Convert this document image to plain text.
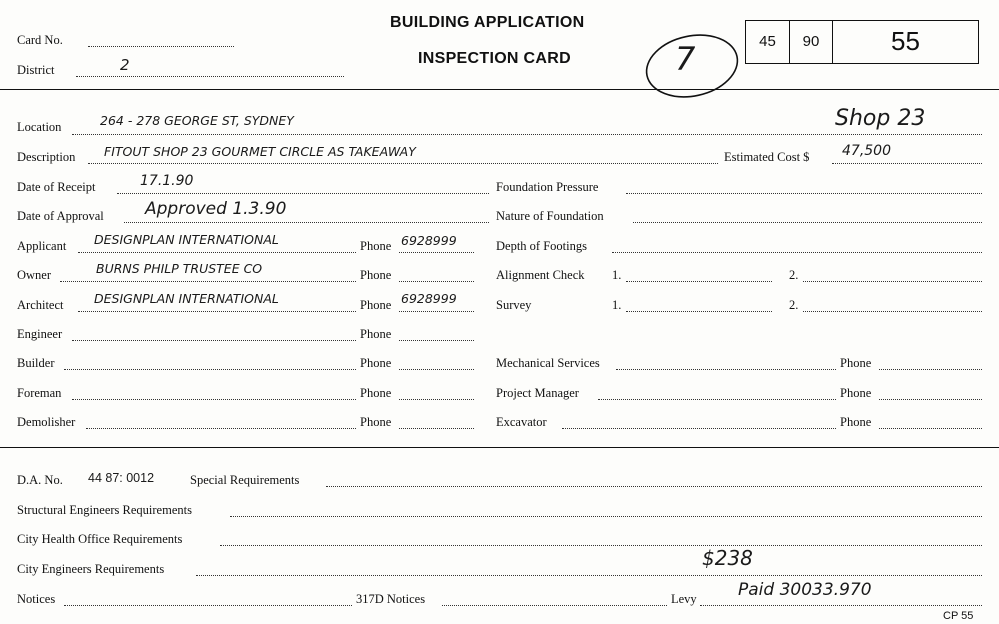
Card No.
District	2
BUILDING APPLICATION
INSPECTION CARD	7	45	90	55
Location	264 - 278 GEORGE ST, SYDNEY	Shop 23
Description FITOUT SHOP 23 GOURMET CIRCLE AS TAKEAWAY	Estimated Cost $ 47,500
Date of Receipt	17.1.90
Date of Approval Approved 1.3.90
Applicant DESIGNPLAN INTERNATIONAL	Phone 6928999
Owner	BURNS PHILP TRUSTEE CO	Phone
Architect DESIGNPLAN INTERNATIONAL	Phone 6928999
Engineer	Phone
Builder	Phone
Foreman	Phone
Demolisher	Phone
Foundation Pressure
Nature of Foundation
Depth of Footings
Alignment Check 1.	2.
Survey	1.	2.
Mechanical Services	Phone
Project Manager	Phone
Excavator	Phone
D.A. No. 44 87: 0012	Special Requirements
Structural Engineers Requirements
City Health Office Requirements
City Engineers Requirements	$238
Notices	317D Notices	Levy Paid 30033.970
CP 55
